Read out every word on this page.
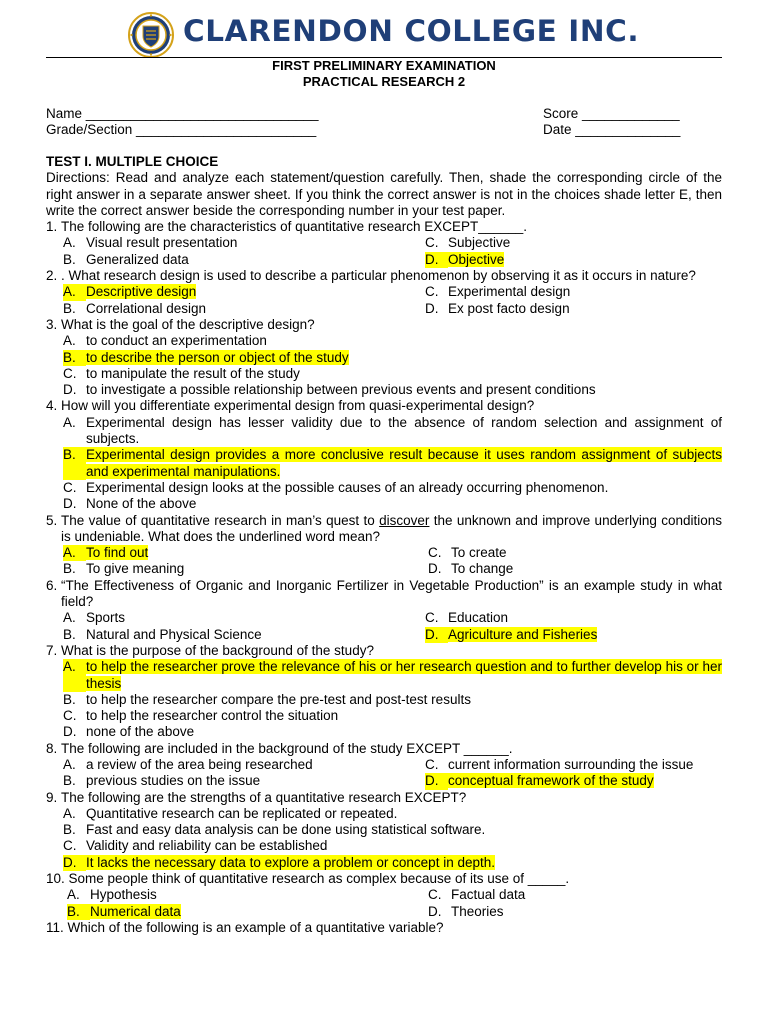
CLARENDON COLLEGE INC.
FIRST PRELIMINARY EXAMINATION
PRACTICAL RESEARCH 2
Name _______________________________
Grade/Section ________________________
Score _____________
Date ______________
TEST I. MULTIPLE CHOICE
Directions: Read and analyze each statement/question carefully. Then, shade the corresponding circle of the right answer in a separate answer sheet. If you think the correct answer is not in the choices shade letter E, then write the correct answer beside the corresponding number in your test paper.
1. The following are the characteristics of quantitative research EXCEPT______.
A. Visual result presentation	C. Subjective
B. Generalized data	D. Objective
2. . What research design is used to describe a particular phenomenon by observing it as it occurs in nature?
A. Descriptive design	C. Experimental design
B. Correlational design	D. Ex post facto design
3. What is the goal of the descriptive design?
A. to conduct an experimentation
B. to describe the person or object of the study
C. to manipulate the result of the study
D. to investigate a possible relationship between previous events and present conditions
4. How will you differentiate experimental design from quasi-experimental design?
A. Experimental design has lesser validity due to the absence of random selection and assignment of subjects.
B. Experimental design provides a more conclusive result because it uses random assignment of subjects and experimental manipulations.
C. Experimental design looks at the possible causes of an already occurring phenomenon.
D. None of the above
5. The value of quantitative research in man’s quest to discover the unknown and improve underlying conditions is undeniable. What does the underlined word mean?
A. To find out	C. To create
B. To give meaning	D. To change
6. “The Effectiveness of Organic and Inorganic Fertilizer in Vegetable Production” is an example study in what field?
A. Sports	C. Education
B. Natural and Physical Science	D. Agriculture and Fisheries
7. What is the purpose of the background of the study?
A. to help the researcher prove the relevance of his or her research question and to further develop his or her thesis
B. to help the researcher compare the pre-test and post-test results
C. to help the researcher control the situation
D. none of the above
8. The following are included in the background of the study EXCEPT ______.
A. a review of the area being researched	C. current information surrounding the issue
B. previous studies on the issue	D. conceptual framework of the study
9. The following are the strengths of a quantitative research EXCEPT?
A. Quantitative research can be replicated or repeated.
B. Fast and easy data analysis can be done using statistical software.
C. Validity and reliability can be established
D. It lacks the necessary data to explore a problem or concept in depth.
10. Some people think of quantitative research as complex because of its use of _____.
A. Hypothesis	C. Factual data
B. Numerical data	D. Theories
11. Which of the following is an example of a quantitative variable?
